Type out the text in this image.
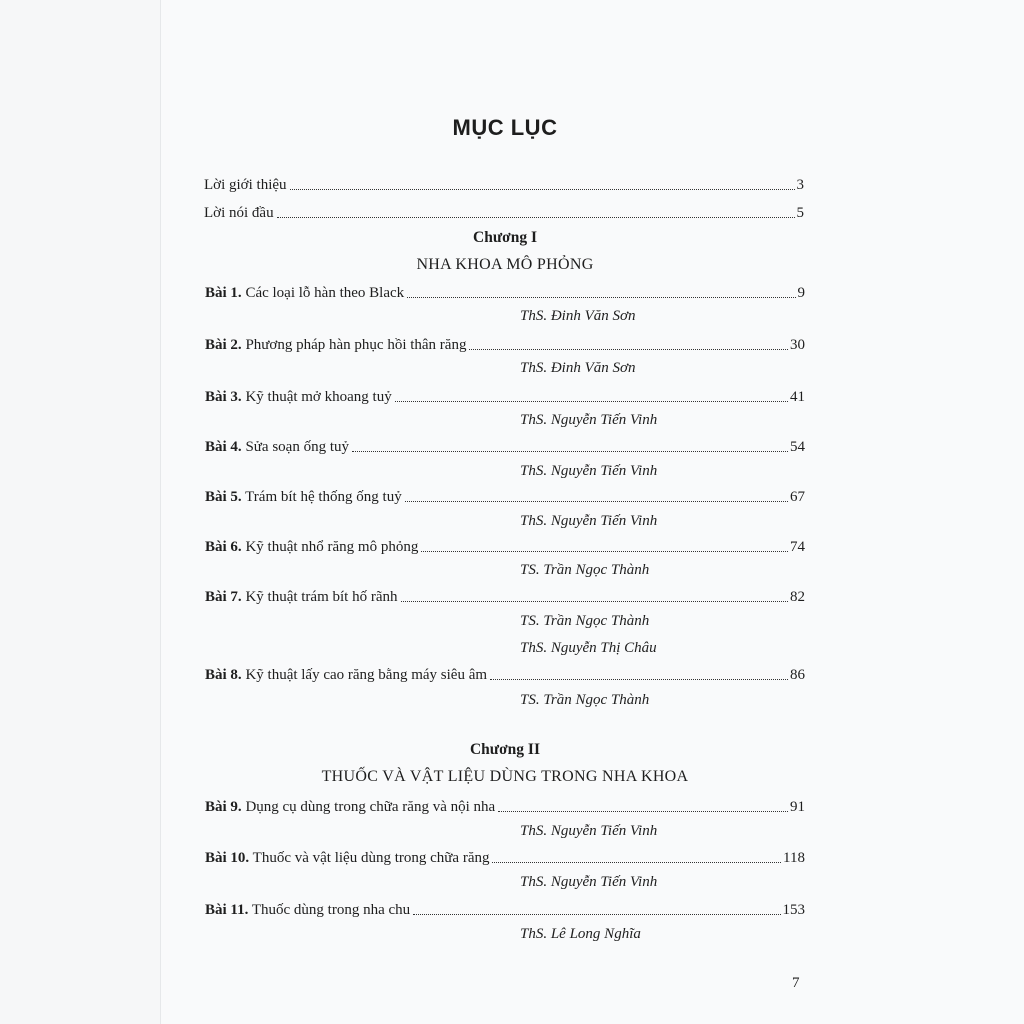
MỤC LỤC
Lời giới thiệu	3
Lời nói đầu	5
Chương I
NHA KHOA MÔ PHỎNG
Bài 1. Các loại lỗ hàn theo Black	9
ThS. Đinh Văn Sơn
Bài 2. Phương pháp hàn phục hồi thân răng	30
ThS. Đinh Văn Sơn
Bài 3. Kỹ thuật mở khoang tuỷ	41
ThS. Nguyễn Tiến Vinh
Bài 4. Sửa soạn ống tuỷ	54
ThS. Nguyễn Tiến Vinh
Bài 5. Trám bít hệ thống ống tuỷ	67
ThS. Nguyễn Tiến Vinh
Bài 6. Kỹ thuật nhổ răng mô phỏng	74
TS. Trần Ngọc Thành
Bài 7. Kỹ thuật trám bít hố rãnh	82
TS. Trần Ngọc Thành
ThS. Nguyễn Thị Châu
Bài 8. Kỹ thuật lấy cao răng bằng máy siêu âm	86
TS. Trần Ngọc Thành
Chương II
THUỐC VÀ VẬT LIỆU DÙNG TRONG NHA KHOA
Bài 9. Dụng cụ dùng trong chữa răng và nội nha	91
ThS. Nguyễn Tiến Vinh
Bài 10. Thuốc và vật liệu dùng trong chữa răng	118
ThS. Nguyễn Tiến Vinh
Bài 11. Thuốc dùng trong nha chu	153
ThS. Lê Long Nghĩa
7
